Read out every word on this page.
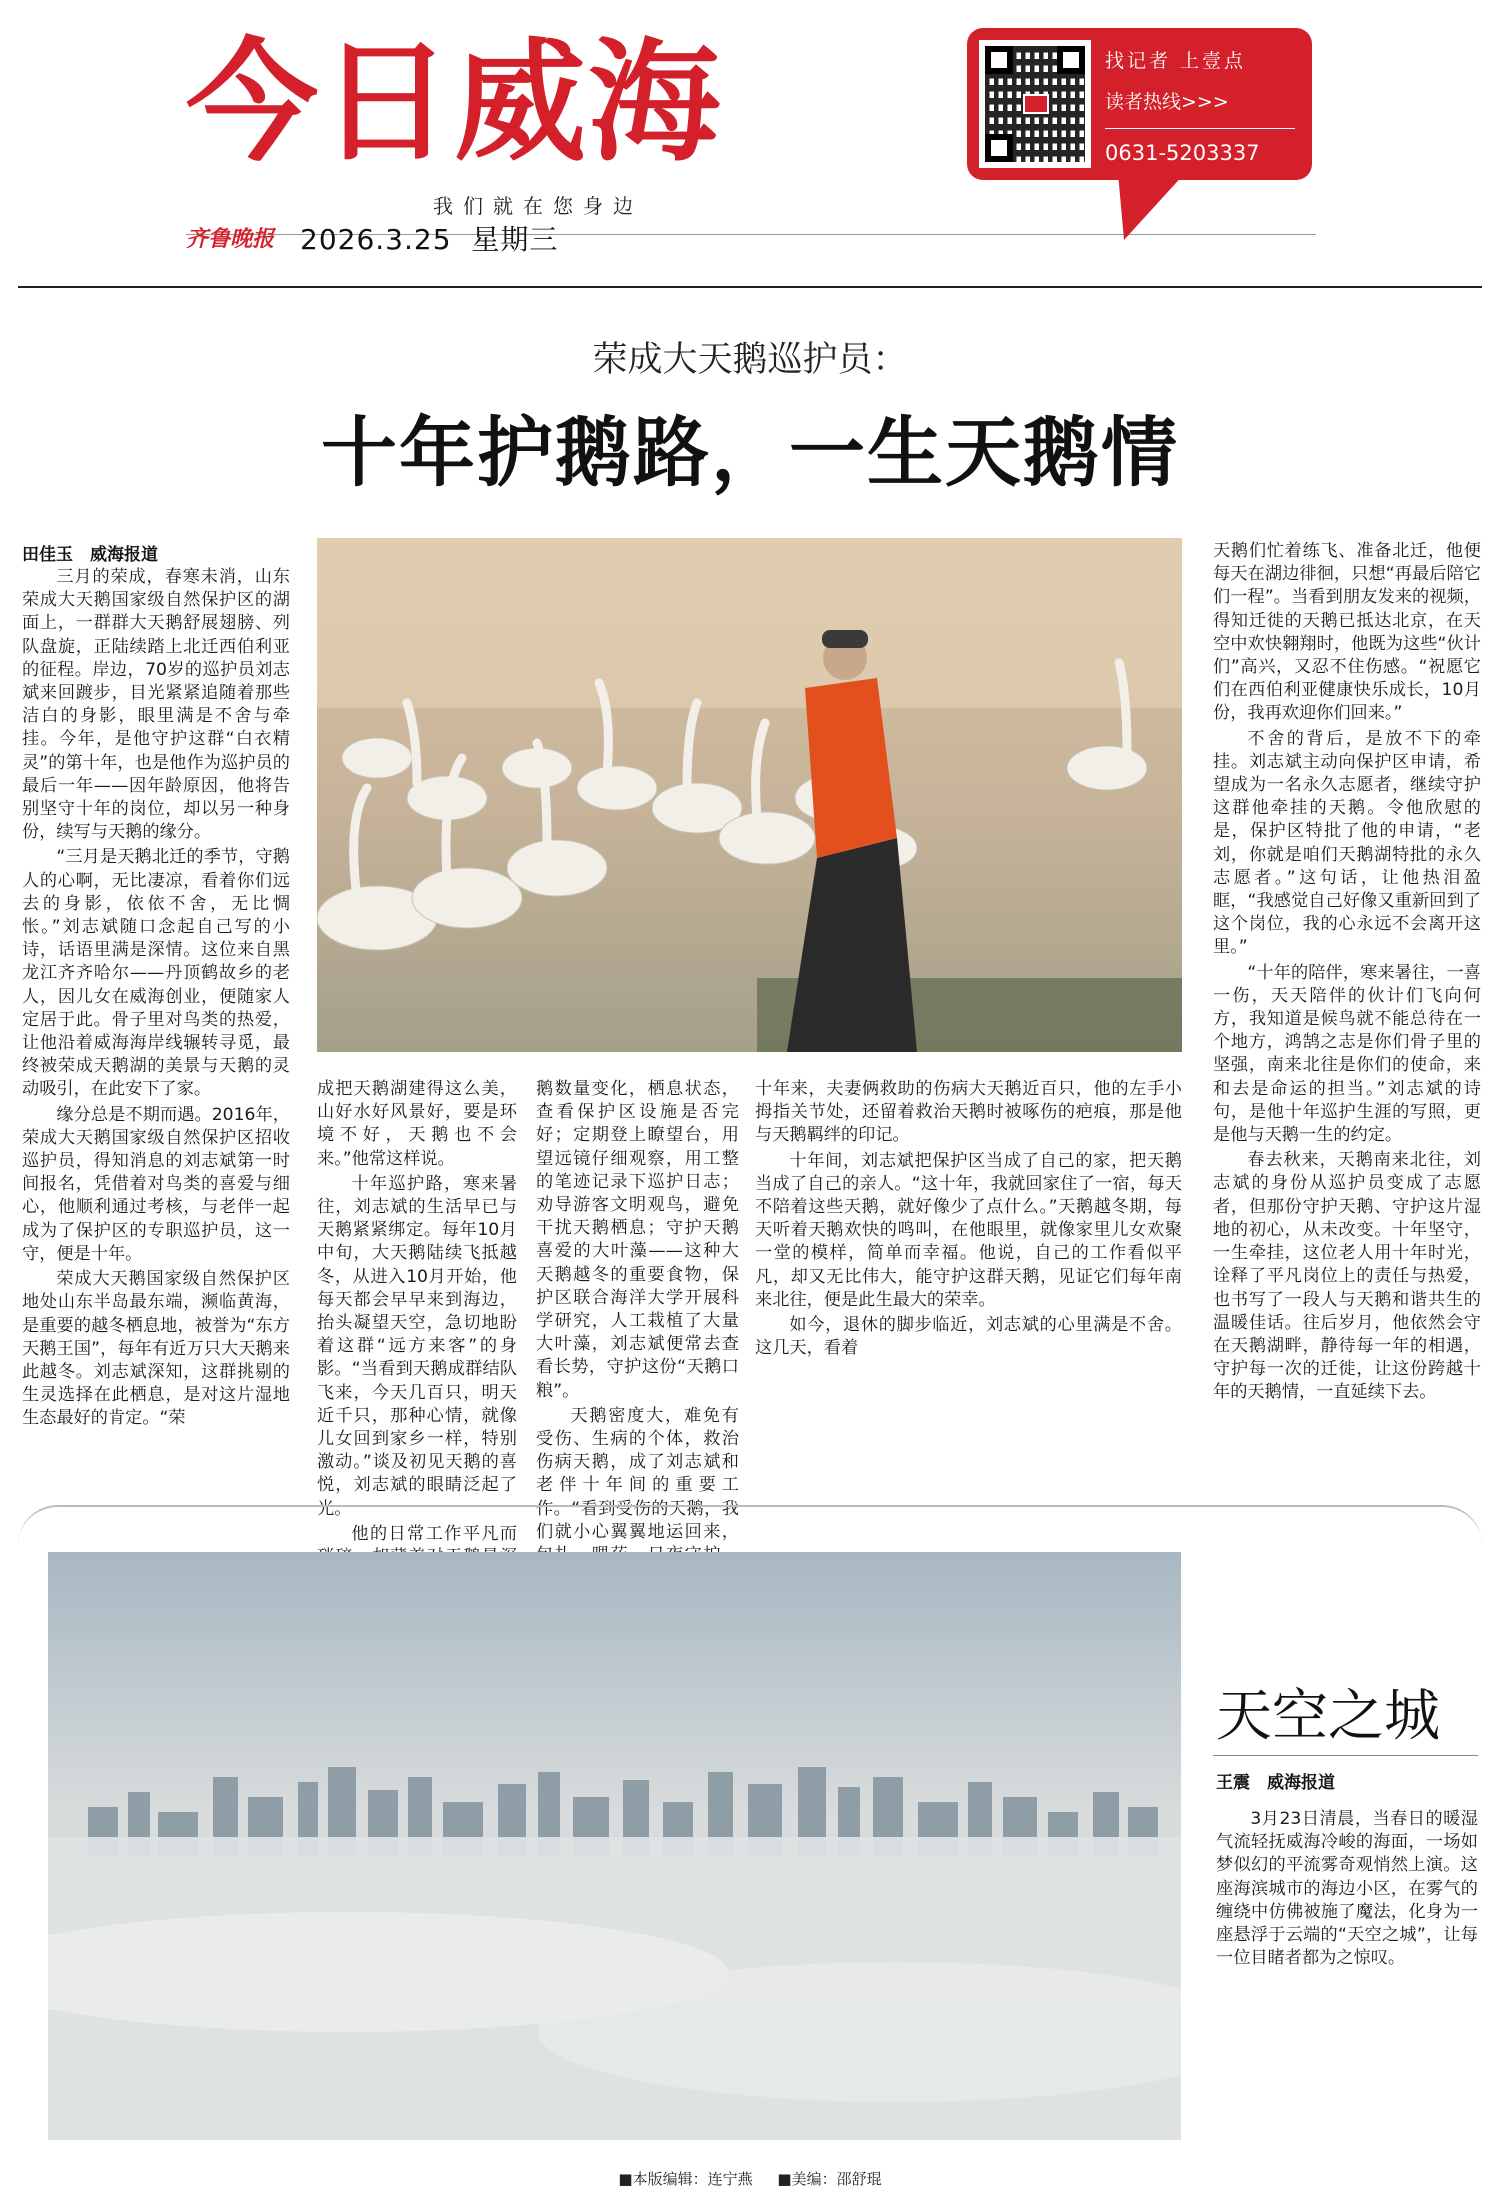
今日威海
我们就在您身边
齐鲁晚报 2026.3.25 星期三
找记者 上壹点
读者热线>>>
0631-5203337
荣成大天鹅巡护员：
十年护鹅路，一生天鹅情
田佳玉　威海报道

三月的荣成，春寒未消，山东荣成大天鹅国家级自然保护区的湖面上，一群群大天鹅舒展翅膀、列队盘旋，正陆续踏上北迁西伯利亚的征程。岸边，70岁的巡护员刘志斌来回踱步，目光紧紧追随着那些洁白的身影，眼里满是不舍与牵挂。今年，是他守护这群“白衣精灵”的第十年，也是他作为巡护员的最后一年——因年龄原因，他将告别坚守十年的岗位，却以另一种身份，续写与天鹅的缘分。

“三月是天鹅北迁的季节，守鹅人的心啊，无比凄凉，看着你们远去的身影，依依不舍，无比惆怅。”刘志斌随口念起自己写的小诗，话语里满是深情。这位来自黑龙江齐齐哈尔——丹顶鹤故乡的老人，因儿女在威海创业，便随家人定居于此。骨子里对鸟类的热爱，让他沿着威海海岸线辗转寻觅，最终被荣成天鹅湖的美景与天鹅的灵动吸引，在此安下了家。

缘分总是不期而遇。2016年，荣成大天鹅国家级自然保护区招收巡护员，得知消息的刘志斌第一时间报名，凭借着对鸟类的喜爱与细心，他顺利通过考核，与老伴一起成为了保护区的专职巡护员，这一守，便是十年。

荣成大天鹅国家级自然保护区地处山东半岛最东端，濒临黄海，是重要的越冬栖息地，被誉为“东方天鹅王国”，每年有近万只大天鹅来此越冬。刘志斌深知，这群挑剔的生灵选择在此栖息，是对这片湿地生态最好的肯定。“荣

成把天鹅湖建得这么美，山好水好风景好，要是环境不好，天鹅也不会来。”他常这样说。

十年巡护路，寒来暑往，刘志斌的生活早已与天鹅紧紧绑定。每年10月中旬，大天鹅陆续飞抵越冬，从进入10月开始，他每天都会早早来到海边，抬头凝望天空，急切地盼着这群“远方来客”的身影。“当看到天鹅成群结队飞来，今天几百只，明天近千只，那种心情，就像儿女回到家乡一样，特别激动。”谈及初见天鹅的喜悦，刘志斌的眼睛泛起了光。

他的日常工作平凡而

鹅数量变化，栖息状态，查看保护区设施是否完好；定期登上瞭望台，用望远镜仔细观察，用工整的笔迹记录下巡护日志；劝导游客文明观鸟，避免干扰天鹅栖息；守护天鹅喜爱的大叶藻——这种大天鹅越冬的重要食物，保护区联合海洋大学开展科学研究，人工栽植了大量大叶藻，刘志斌便常去查看长势，守护这份“天鹅口粮”。

天鹅密度大，难免有受伤、生病的个体，救治伤病天鹅，成了刘志斌和老伴十年间的重要工作。“看到受伤的天鹅，我们就小心翼翼地运回来，

十年来，夫妻俩救助的伤病大天鹅近百只，他的左手小拇指关节处，还留着救治天鹅时被啄伤的疤痕，那是他与天鹅羁绊的印记。

十年间，刘志斌把保护区当成了自己的家，把天鹅当成了自己的亲人。“这十年，我就回家住了一宿，每天不陪着这些天鹅，就好像少了点什么。”天鹅越冬期，每天听着天鹅欢快的鸣叫，在他眼里，就像家里儿女欢聚一堂的模样，简单而幸福。他说，自己的工作看似平凡，却又无比伟大，能守护这群天鹅，见证它们每年南来北往，便是此生最大的荣幸。

如今，退休的脚步临近，刘志斌的心里满是不舍。这几天，看着

天鹅们忙着练飞、准备北迁，他便每天在湖边徘徊，只想“再最后陪它们一程”。当看到朋友发来的视频，得知迁徙的天鹅已抵达北京，在天空中欢快翱翔时，他既为这些“伙计们”高兴，又忍不住伤感。“祝愿它们在西伯利亚健康快乐成长，10月份，我再欢迎你们回来。”

不舍的背后，是放不下的牵挂。刘志斌主动向保护区申请，希望成为一名永久志愿者，继续守护这群他牵挂的天鹅。令他欣慰的是，保护区特批了他的申请，“老刘，你就是咱们天鹅湖特批的永久志愿者。”这句话，让他热泪盈眶，“我感觉自己好像又重新回到了这个岗位，我的心永远不会离开这里。”

“十年的陪伴，寒来暑往，一喜一伤，天天陪伴的伙计们飞向何方，我知道是候鸟就不能总待在一个地方，鸿鹄之志是你们骨子里的坚强，南来北往是你们的使命，来和去是命运的担当。”刘志斌的诗句，是他十年巡护生涯的写照，更是他与天鹅一生的约定。

春去秋来，天鹅南来北往，刘志斌的身份从巡护员变成了志愿者，但那份守护天鹅、守护这片湿地的初心，从未改变。十年坚守，一生牵挂，这位老人用十年时光，诠释了平凡岗位上的责任与热爱，也书写了一段人与天鹅和谐共生的温暖佳话。往后岁月，他依然会守在天鹅湖畔，静待每一年的相遇，守护每一次的迁徙，让这份跨越十年的天鹅情，一直延续下去。

天空之城
王震　威海报道

3月23日清晨，当春日的暖湿气流轻抚威海冷峻的海面，一场如梦似幻的平流雾奇观悄然上演。这座海滨城市的海边小区，在雾气的缠绕中仿佛被施了魔法，化身为一座悬浮于云端的“天空之城”，让每一位目睹者都为之惊叹。

■本版编辑：连宁燕 ■美编：邵舒琨
